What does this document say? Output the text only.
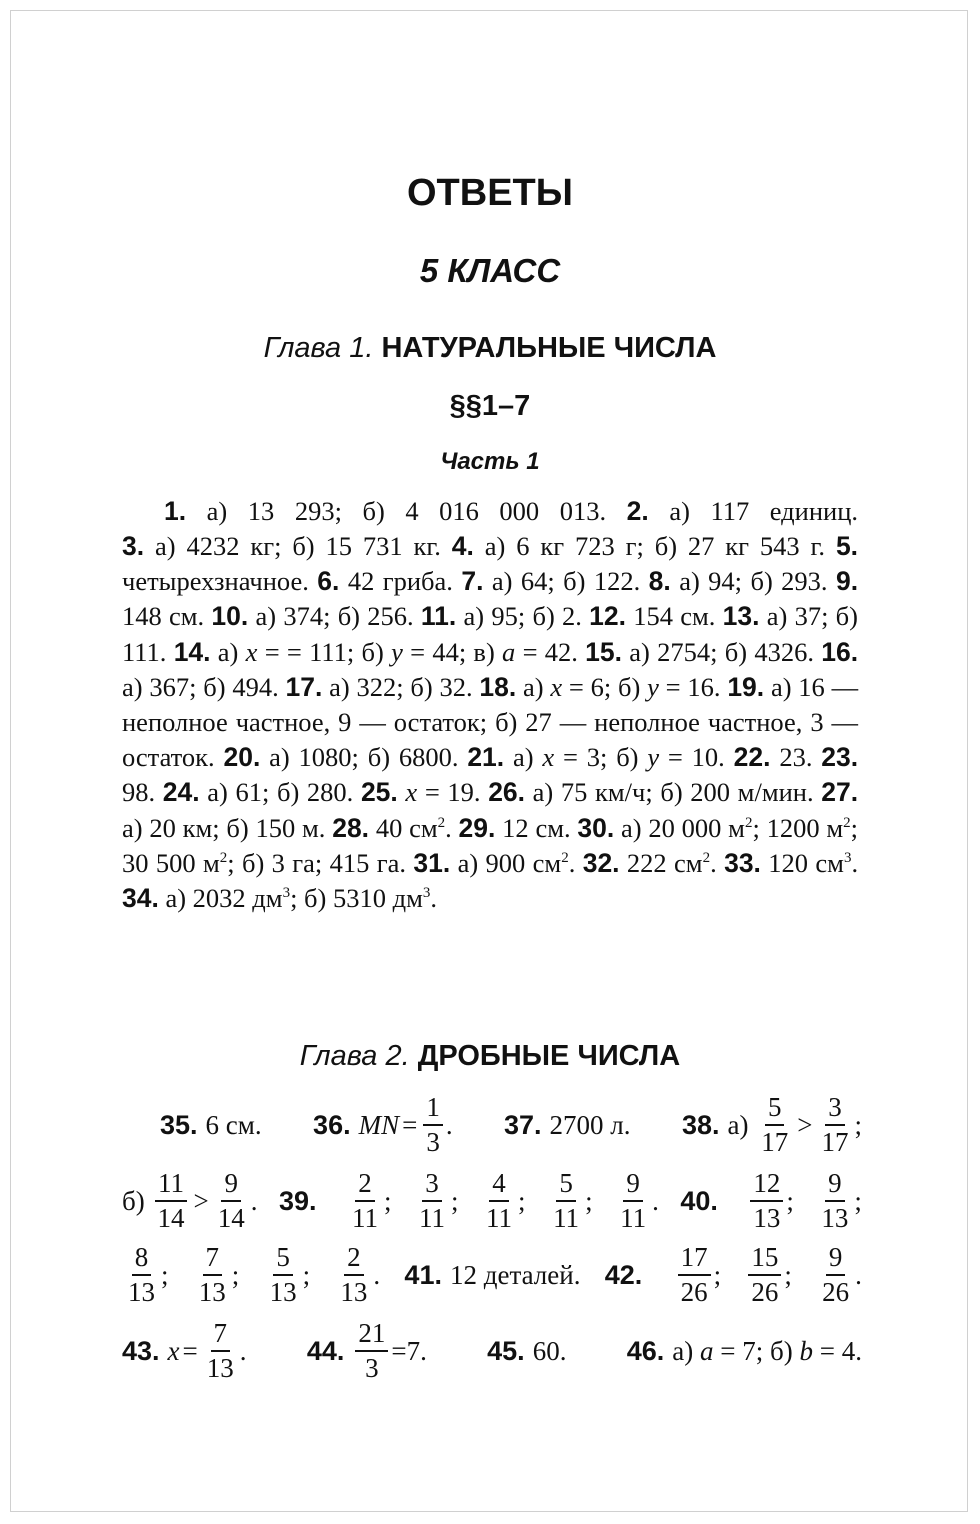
ОТВЕТЫ
5 КЛАСС
Глава 1. НАТУРАЛЬНЫЕ ЧИСЛА
§§1–7
Часть 1

1. а) 13 293; б) 4 016 000 013. 2. а) 117 единиц.

3. а) 4232 кг; б) 15 731 кг. 4. а) 6 кг 723 г; б) 27 кг 543 г. 5. четырехзначное. 6. 42 гриба. 7. а) 64; б) 122. 8. а) 94; б) 293. 9. 148 см. 10. а) 374; б) 256. 11. а) 95; б) 2. 12. 154 см. 13. а) 37; б) 111. 14. а) x = = 111; б) y = 44; в) a = 42. 15. а) 2754; б) 4326. 16. а) 367; б) 494. 17. а) 322; б) 32. 18. а) x = 6; б) y = 16. 19. а) 16 — неполное частное, 9 — остаток; б) 27 — неполное частное, 3 — остаток. 20. а) 1080; б) 6800. 21. а) x = 3; б) y = 10. 22. 23. 23. 98. 24. а) 61; б) 280. 25. x = 19. 26. а) 75 км/ч; б) 200 м/мин. 27. а) 20 км; б) 150 м. 28. 40 $см^2$. 29. 12 см. 30. а) 20 000 $м^2$; 1200 $м^2$; 30 500 $м^2$; б) 3 га; 415 га. 31. а) 900 $см^2$. 32. 222 $см^2$. 33. 120 $см^3$. 34. а) 2032 $дм^3$; б) 5310 $дм^3$.
Глава 2. ДРОБНЫЕ ЧИСЛА
35. 6 см. 36. MN = $\frac{1}{3}$ . 37. 2700 л. 38. а)

5
17
>
3
17
;
б)

11
14
>
9
14
. 39.
2
11
;
3
11
;
4
11
;
5
11
;
9
11
. 40.
12
13
;
9
13
;
8
13
;
7
13
;
5
13
;
2
13
. 41. 12 деталей. 42.
17
26
;
15
26
;
9
26
.
43. $x = \frac{7}{13}$ . 44. $\frac{21}{3} =7$. 45. 60. 46. а)
a
= 7; б)
b
= 4.
